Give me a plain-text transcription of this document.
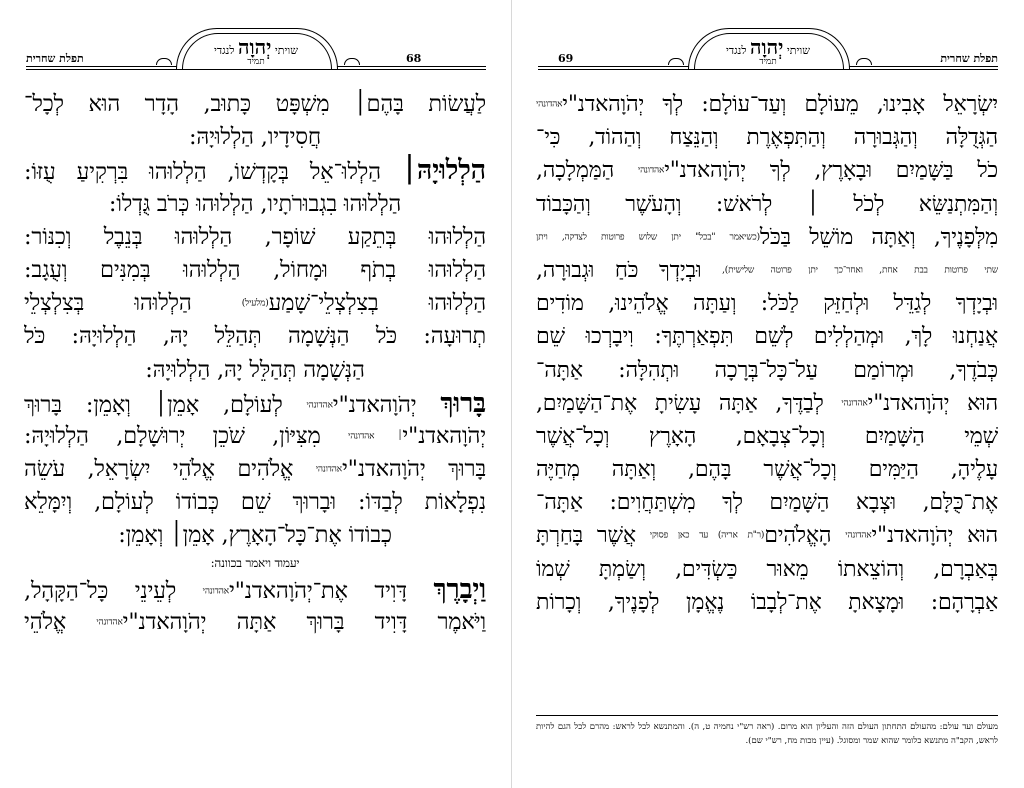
שויתי יְהוָה לנגדי
תמיד
תפלת שחרית	68
לַעֲשׂוֹת בָּהֶם׀ מִשְׁפָּט כָּתוּב, הָדָר הוּא לְכָל־
חֲסִידָיו, הַלְלוּיָהּ:
הַלְלוּיָהּ׀ הַלְלוּ־אֵל בְּקָדְשׁוֹ, הַלְלוּהוּ בִּרְקִיעַ עֻזּוֹ:
הַלְלוּהוּ בִגְבוּרֹתָיו, הַלְלוּהוּ כְּרֹב גֻּדְלוֹ:
הַלְלוּהוּ בְּתֵקַע שׁוֹפָר, הַלְלוּהוּ בְּנֵבֶל וְכִנּוֹר:
הַלְלוּהוּ בְתֹף וּמָחוֹל, הַלְלוּהוּ בְּמִנִּים וְעֻגָב:
הַלְלוּהוּ בְצִלְצְלֵי־שָׁמַע(מלעיל) הַלְלוּהוּ בְּצִלְצְלֵי
תְרוּעָה: כֹּל הַנְּשָׁמָה תְּהַלֵּל יָהּ, הַלְלוּיָהּ: כֹּל
הַנְּשָׁמָה תְּהַלֵּל יָהּ, הַלְלוּיָהּ:
בָּרוּךְ יְהֹוָהאדנ"יאהדונהי לְעוֹלָם, אָמֵן׀ וְאָמֵן: בָּרוּךְ
יְהֹוָהאדנ"י׀ אהדונהי מִצִּיּוֹן, שֹׁכֵן יְרוּשָׁלָם, הַלְלוּיָהּ:
בָּרוּךְ יְהֹוָהאדנ"יאהדונהי אֱלֹהִים אֱלֹהֵי יִשְׂרָאֵל, עֹשֵׂה
נִפְלָאוֹת לְבַדּוֹ: וּבָרוּךְ שֵׁם כְּבוֹדוֹ לְעוֹלָם, וְיִמָּלֵא
כְבוֹדוֹ אֶת־כָּל־הָאָרֶץ, אָמֵן׀ וְאָמֵן:
יעמוד ויאמר בכוונה:
וַיְבָרֶךְ דָּוִיד אֶת־יְהֹוָהאדנ"יאהדונהי לְעֵינֵי כָּל־הַקָּהָל,
וַיֹּאמֶר דָּוִיד בָּרוּךְ אַתָּה יְהֹוָהאדנ"יאהדונהי אֱלֹהֵי
שויתי יְהוָה לנגדי
תמיד
69	תפלת שחרית
יִשְׂרָאֵל אָבִינוּ, מֵעוֹלָם וְעַד־עוֹלָם: לְךָ יְהֹוָהאדנ"יאהדונהי
הַגְּדֻלָּה וְהַגְּבוּרָה וְהַתִּפְאֶרֶת וְהַנֵּצַח וְהַהוֹד, כִּי־
כֹל בַּשָּׁמַיִם וּבָאָרֶץ, לְךָ יְהֹוָהאדנ"יאהדונהי הַמַּמְלָכָה,
וְהַמִּתְנַשֵּׂא לְכֹל ׀ לְרֹאשׁ: וְהָעֹשֶׁר וְהַכָּבוֹד
מִלְּפָנֶיךָ, וְאַתָּה מוֹשֵׁל בַּכֹּל(כשיאמר "בכל" יתן שלוש פרוטות לצדקה, ויתן
שתי פרוטות בבת אחת, ואחר־כך יתן פרוטה שלישית), וּבְיָדְךָ כֹּחַ וּגְבוּרָה,
וּבְיָדְךָ לְגַדֵּל וּלְחַזֵּק לַכֹּל: וְעַתָּה אֱלֹהֵינוּ, מוֹדִים
אֲנַחְנוּ לָךְ, וּמְהַלְלִים לְשֵׁם תִּפְאַרְתֶּךָ: וִיבָרְכוּ שֵׁם
כְּבֹדֶךָ, וּמְרוֹמַם עַל־כָּל־בְּרָכָה וּתְהִלָּה: אַתָּה־
הוּא יְהֹוָהאדנ"יאהדונהי לְבַדֶּךָ, אַתָּה עָשִׂיתָ אֶת־הַשָּׁמַיִם,
שְׁמֵי הַשָּׁמַיִם וְכָל־צְבָאָם, הָאָרֶץ וְכָל־אֲשֶׁר
עָלֶיהָ, הַיַּמִּים וְכָל־אֲשֶׁר בָּהֶם, וְאַתָּה מְחַיֶּה
אֶת־כֻּלָּם, וּצְבָא הַשָּׁמַיִם לְךָ מִשְׁתַּחֲוִים: אַתָּה־
הוּא יְהֹוָהאדנ"יאהדונהי הָאֱלֹהִים(ר"ת אריה) עד כאן פסוקי אֲשֶׁר בָּחַרְתָּ
בְּאַבְרָם, וְהוֹצֵאתוֹ מֵאוּר כַּשְׂדִּים, וְשַׂמְתָּ שְׁמוֹ
אַבְרָהָם: וּמָצָאתָ אֶת־לְבָבוֹ נֶאֱמָן לְפָנֶיךָ, וְכָרוֹת
מעולם ועד עולם: מהעולם התחתון העולם הזה והעליון הוא מרום. (ראה רש"י נחמיה ט, ה). והמתנשא לכל לראש: מהרם לכל הגם להיות לראש, הקב"ה מתנשא כלומר שהוא שמר ומסוגל. (עיין מכות מח, רש"י שם).
